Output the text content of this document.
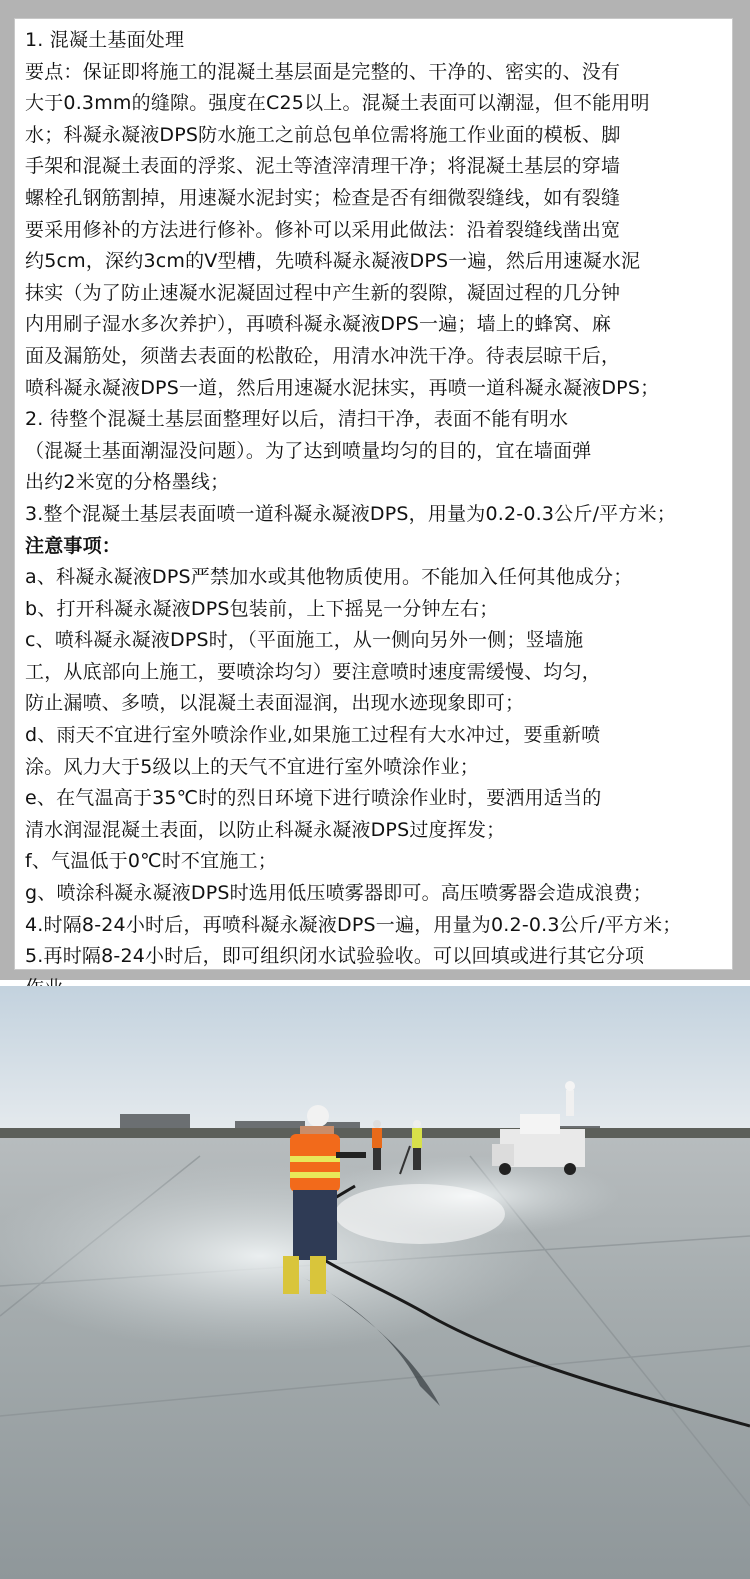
1. 混凝土基面处理
要点：保证即将施工的混凝土基层面是完整的、干净的、密实的、没有
大于0.3mm的缝隙。强度在C25以上。混凝土表面可以潮湿，但不能用明
水；科凝永凝液DPS防水施工之前总包单位需将施工作业面的模板、脚
手架和混凝土表面的浮浆、泥土等渣滓清理干净；将混凝土基层的穿墙
螺栓孔钢筋割掉，用速凝水泥封实；检查是否有细微裂缝线，如有裂缝
要采用修补的方法进行修补。修补可以采用此做法：沿着裂缝线凿出宽
约5cm，深约3cm的V型槽，先喷科凝永凝液DPS一遍，然后用速凝水泥
抹实（为了防止速凝水泥凝固过程中产生新的裂隙，凝固过程的几分钟
内用刷子湿水多次养护），再喷科凝永凝液DPS一遍；墙上的蜂窝、麻
面及漏筋处，须凿去表面的松散砼，用清水冲洗干净。待表层晾干后，
喷科凝永凝液DPS一道，然后用速凝水泥抹实，再喷一道科凝永凝液DPS；
2. 待整个混凝土基层面整理好以后，清扫干净，表面不能有明水
（混凝土基面潮湿没问题）。为了达到喷量均匀的目的，宜在墙面弹
出约2米宽的分格墨线；
3.整个混凝土基层表面喷一道科凝永凝液DPS，用量为0.2-0.3公斤/平方米；
注意事项：
a、科凝永凝液DPS严禁加水或其他物质使用。不能加入任何其他成分；
b、打开科凝永凝液DPS包装前，上下摇晃一分钟左右；
c、喷科凝永凝液DPS时，（平面施工，从一侧向另外一侧；竖墙施
工，从底部向上施工，要喷涂均匀）要注意喷时速度需缓慢、均匀，
防止漏喷、多喷，以混凝土表面湿润，出现水迹现象即可；
d、雨天不宜进行室外喷涂作业,如果施工过程有大水冲过，要重新喷
涂。风力大于5级以上的天气不宜进行室外喷涂作业；
e、在气温高于35℃时的烈日环境下进行喷涂作业时，要洒用适当的
清水润湿混凝土表面，以防止科凝永凝液DPS过度挥发；
f、气温低于0℃时不宜施工；
g、喷涂科凝永凝液DPS时选用低压喷雾器即可。高压喷雾器会造成浪费；
4.时隔8-24小时后，再喷科凝永凝液DPS一遍，用量为0.2-0.3公斤/平方米；
5.再时隔8-24小时后，即可组织闭水试验验收。可以回填或进行其它分项
